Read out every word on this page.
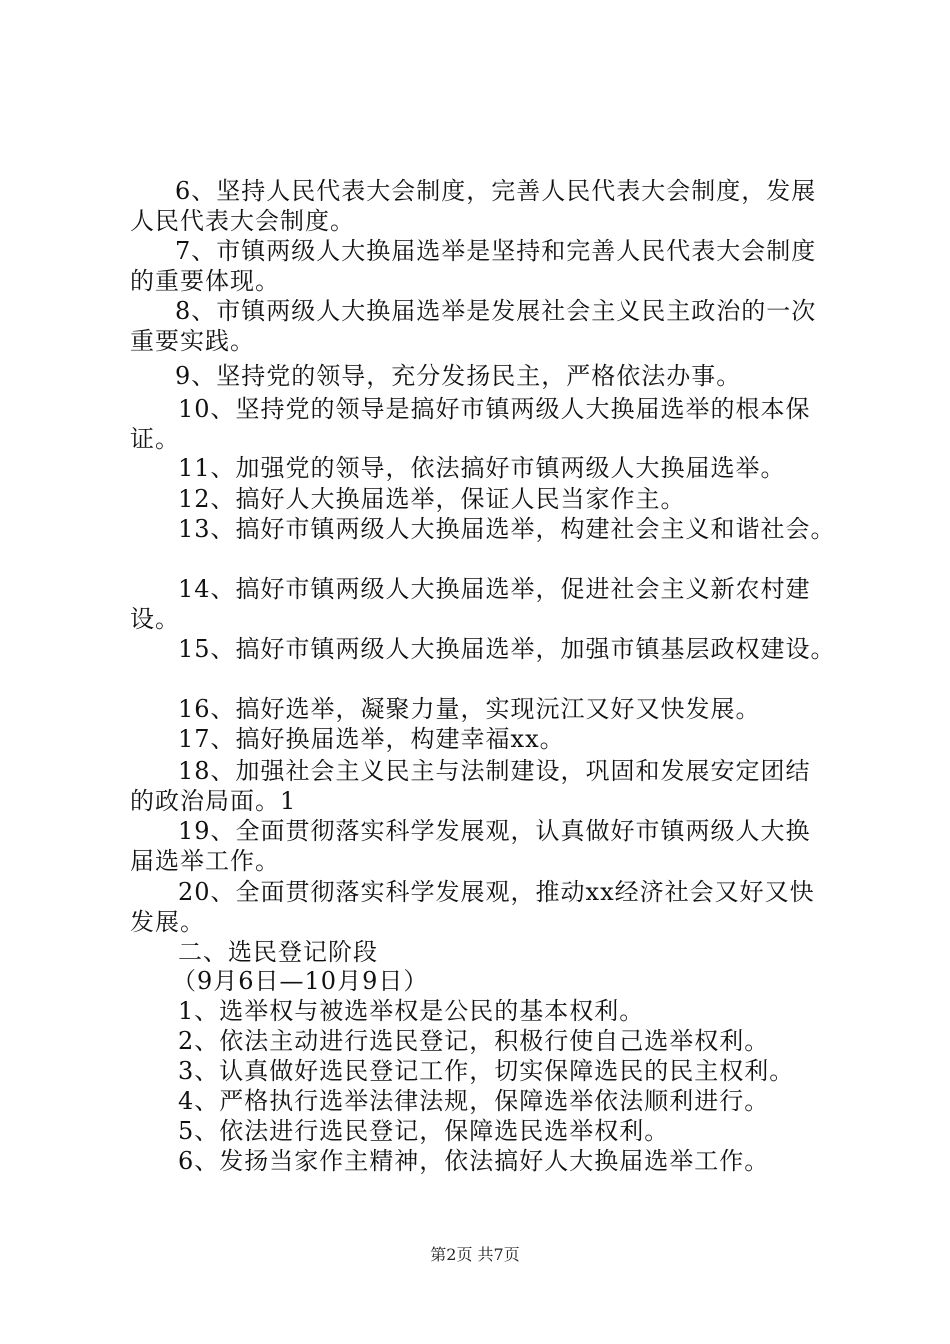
6、坚持人民代表大会制度，完善人民代表大会制度，发展
人民代表大会制度。
7、市镇两级人大换届选举是坚持和完善人民代表大会制度
的重要体现。
8、市镇两级人大换届选举是发展社会主义民主政治的一次
重要实践。
9、坚持党的领导，充分发扬民主，严格依法办事。
10、坚持党的领导是搞好市镇两级人大换届选举的根本保
证。
11、加强党的领导，依法搞好市镇两级人大换届选举。
12、搞好人大换届选举，保证人民当家作主。
13、搞好市镇两级人大换届选举，构建社会主义和谐社会。
14、搞好市镇两级人大换届选举，促进社会主义新农村建
设。
15、搞好市镇两级人大换届选举，加强市镇基层政权建设。
16、搞好选举，凝聚力量，实现沅江又好又快发展。
17、搞好换届选举，构建幸福xx。
18、加强社会主义民主与法制建设，巩固和发展安定团结
的政治局面。1
19、全面贯彻落实科学发展观，认真做好市镇两级人大换
届选举工作。
20、全面贯彻落实科学发展观，推动xx经济社会又好又快
发展。
二、选民登记阶段
（9月6日—10月9日）
1、选举权与被选举权是公民的基本权利。
2、依法主动进行选民登记，积极行使自己选举权利。
3、认真做好选民登记工作，切实保障选民的民主权利。
4、严格执行选举法律法规，保障选举依法顺利进行。
5、依法进行选民登记，保障选民选举权利。
6、发扬当家作主精神，依法搞好人大换届选举工作。
第2页 共7页
